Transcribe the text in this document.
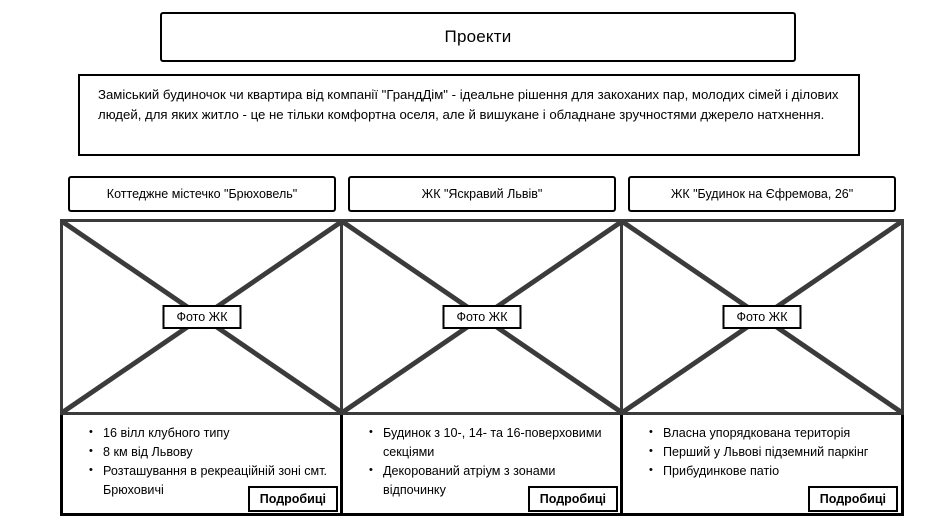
Проекти
Заміський будиночок чи квартира від компанії "ГрандДім" - ідеальне рішення для закоханих пар, молодих сімей і ділових людей, для яких житло - це не тільки комфортна оселя, але й вишукане і обладнане зручностями джерело натхнення.
Коттеджне містечко "Брюховель"
Фото ЖК
• 16 вілл клубного типу
• 8 км від Львову
• Розташування в рекреаційній зоні смт. Брюховичі
Подробиці
ЖК "Яскравий Львів"
Фото ЖК
• Будинок з 10-, 14- та 16-поверховими секціями
• Декорований атріум з зонами відпочинку
Подробиці
ЖК "Будинок на Єфремова, 26"
Фото ЖК
• Власна упорядкована територія
• Перший у Львові підземний паркінг
• Прибудинкове патіо
Подробиці
